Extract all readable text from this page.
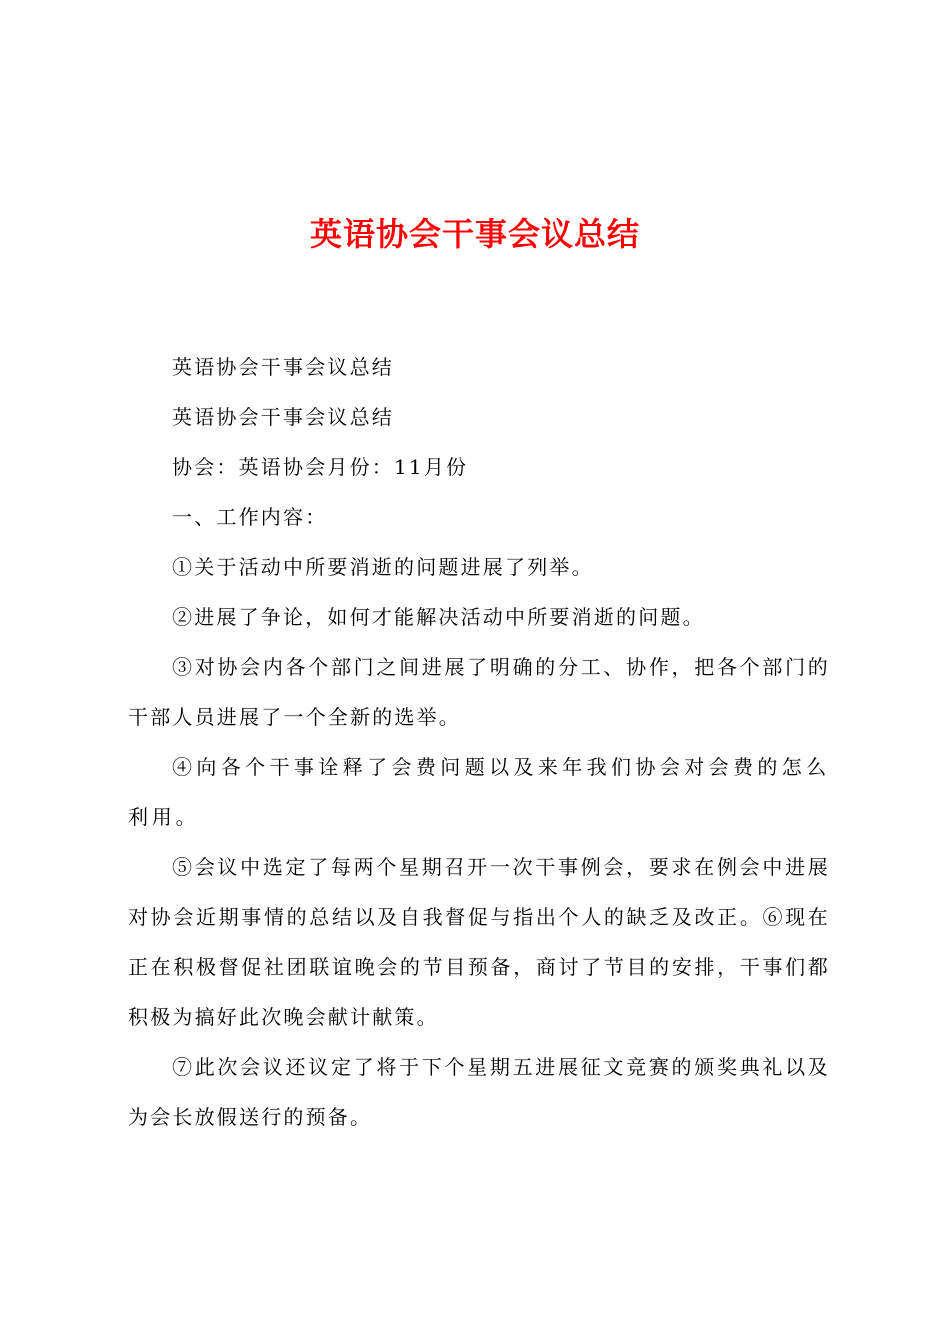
英语协会干事会议总结

英语协会干事会议总结

英语协会干事会议总结

协会：英语协会月份：11月份

一、工作内容：

①关于活动中所要消逝的问题进展了列举。

②进展了争论，如何才能解决活动中所要消逝的问题。

③对协会内各个部门之间进展了明确的分工、协作，把各个部门的干部人员进展了一个全新的选举。

④向各个干事诠释了会费问题以及来年我们协会对会费的怎么利用。

⑤会议中选定了每两个星期召开一次干事例会，要求在例会中进展对协会近期事情的总结以及自我督促与指出个人的缺乏及改正。⑥现在正在积极督促社团联谊晚会的节目预备，商讨了节目的安排，干事们都积极为搞好此次晚会献计献策。

⑦此次会议还议定了将于下个星期五进展征文竞赛的颁奖典礼以及为会长放假送行的预备。
